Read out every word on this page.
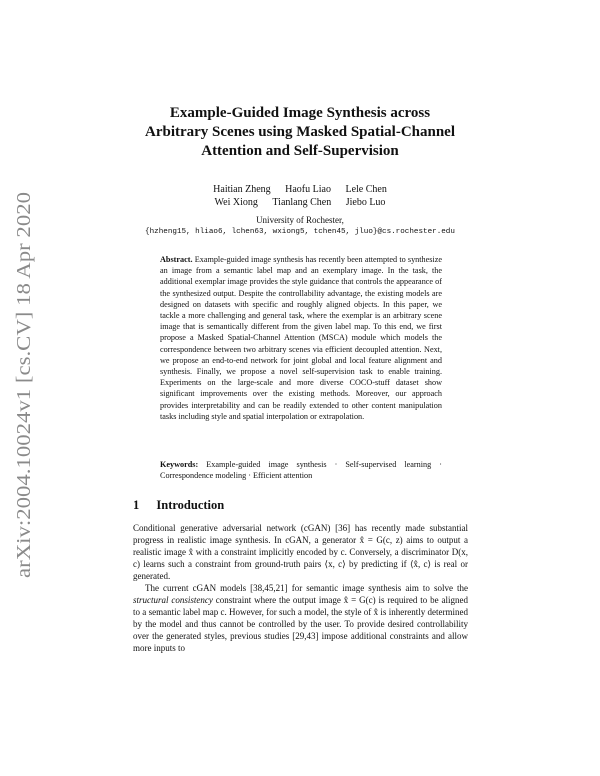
arXiv:2004.10024v1 [cs.CV] 18 Apr 2020
Example-Guided Image Synthesis across
Arbitrary Scenes using Masked Spatial-Channel
Attention and Self-Supervision
Haitian Zheng Haofu Liao Lele Chen
Wei Xiong Tianlang Chen Jiebo Luo
University of Rochester,
{hzheng15, hliao6, lchen63, wxiong5, tchen45, jluo}@cs.rochester.edu
Abstract. Example-guided image synthesis has recently been attempted to synthesize an image from a semantic label map and an exemplary image. In the task, the additional exemplar image provides the style guidance that controls the appearance of the synthesized output. Despite the controllability advantage, the existing models are designed on datasets with specific and roughly aligned objects. In this paper, we tackle a more challenging and general task, where the exemplar is an arbitrary scene image that is semantically different from the given label map. To this end, we first propose a Masked Spatial-Channel Attention (MSCA) module which models the correspondence between two arbitrary scenes via efficient decoupled attention. Next, we propose an end-to-end network for joint global and local feature alignment and synthesis. Finally, we propose a novel self-supervision task to enable training. Experiments on the large-scale and more diverse COCO-stuff dataset show significant improvements over the existing methods. Moreover, our approach provides interpretability and can be readily extended to other content manipulation tasks including style and spatial interpolation or extrapolation.
Keywords: Example-guided image synthesis · Self-supervised learning · Correspondence modeling · Efficient attention
1 Introduction
Conditional generative adversarial network (cGAN) [36] has recently made substantial progress in realistic image synthesis. In cGAN, a generator x̂ = G(c, z) aims to output a realistic image x̂ with a constraint implicitly encoded by c. Conversely, a discriminator D(x, c) learns such a constraint from ground-truth pairs ⟨x, c⟩ by predicting if ⟨x̂, c⟩ is real or generated.
The current cGAN models [38,45,21] for semantic image synthesis aim to solve the structural consistency constraint where the output image x̂ = G(c) is required to be aligned to a semantic label map c. However, for such a model, the style of x̂ is inherently determined by the model and thus cannot be controlled by the user. To provide desired controllability over the generated styles, previous studies [29,43] impose additional constraints and allow more inputs to
